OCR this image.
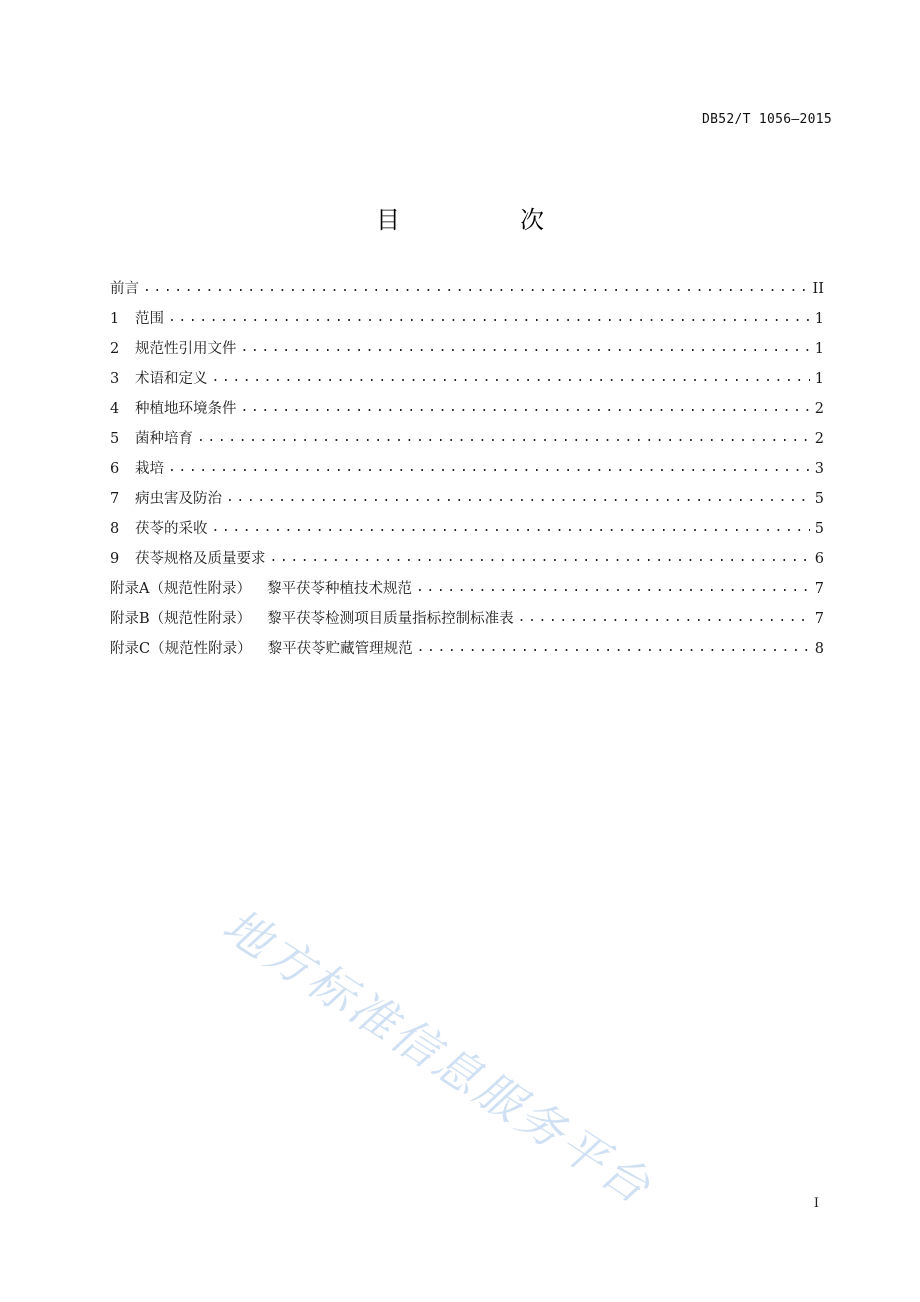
DB52/T 1056—2015
目　次
前言 .....	II
1	范围 .....	1
2	规范性引用文件 .....	1
3	术语和定义 .....	1
4	种植地环境条件 .....	2
5	菌种培育 .....	2
6	栽培 .....	3
7	病虫害及防治 .....	5
8	茯苓的采收 .....	5
9	茯苓规格及质量要求 .....	6
附录A（规范性附录） 黎平茯苓种植技术规范 .....	7
附录B（规范性附录） 黎平茯苓检测项目质量指标控制标准表 .....	7
附录C（规范性附录） 黎平茯苓贮藏管理规范 .....	8
地方标准信息服务平台	I
